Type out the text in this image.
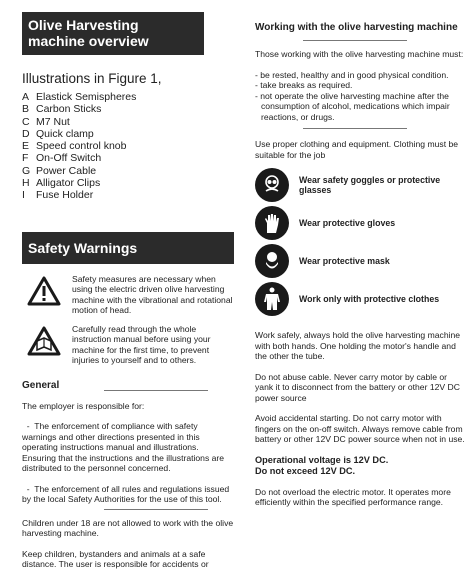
Olive Harvesting machine overview
Illustrations in Figure 1,
A Elastick Semispheres
B Carbon Sticks
C M7 Nut
D Quick clamp
E Speed control knob
F On-Off Switch
G Power Cable
H Alligator Clips
I	Fuse Holder
Safety Warnings
Safety measures are necessary when using the electric driven olive harvesting machine with the vibrational and rotational motion of head.
Carefully read through the whole instruction manual before using your machine for the first time, to prevent injuries to yourself and to others.
General

The employer is responsible for:

-  The enforcement of compliance with safety warnings and other directions presented in this operating instructions manual and illustrations. Ensuring that the instructions and the illustrations are distributed to the personnel concerned.

-  The enforcement of all rules and regulations issued by the local Safety Authorities for the use of this tool.

Children under 18 are not allowed to work with the olive harvesting machine.

Keep children, bystanders and animals at a safe distance. The user is responsible for accidents or

Working with the olive harvesting machine

Those working with the olive harvesting machine must:

- be rested, healthy and in good physical condition.
- take breaks as required.
- not operate the olive harvesting machine after the consumption of alcohol, medications which impair reactions, or drugs.

Use proper clothing and equipment. Clothing must be suitable for the job

Wear safety goggles or protective glasses
Wear protective gloves
Wear protective mask
Work only with protective clothes

Work safely, always hold the olive harvesting machine with both hands. One holding the motor's handle and the other the tube.

Do not abuse cable. Never carry motor by cable or yank it to disconnect from the battery or other 12V DC power source

Avoid accidental starting. Do not carry motor with fingers on the on-off switch. Always remove cable from battery or other 12V DC power source when not in use.

Operational voltage is 12V DC.
Do not exceed 12V DC.

Do not overload the electric motor. It operates more efficiently within the specified performance range.
